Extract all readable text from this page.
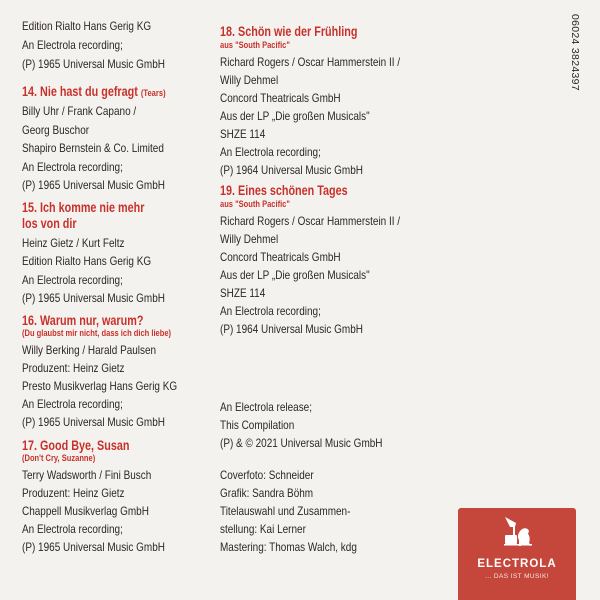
Edition Rialto Hans Gerig KG
An Electrola recording;
(P) 1965 Universal Music GmbH
14. Nie hast du gefragt (Tears)
Billy Uhr / Frank Capano /
Georg Buschor
Shapiro Bernstein & Co. Limited
An Electrola recording;
(P) 1965 Universal Music GmbH
15. Ich komme nie mehr
los von dir
Heinz Gietz / Kurt Feltz
Edition Rialto Hans Gerig KG
An Electrola recording;
(P) 1965 Universal Music GmbH
16. Warum nur, warum?
(Du glaubst mir nicht, dass ich dich liebe)
Willy Berking / Harald Paulsen
Produzent: Heinz Gietz
Presto Musikverlag Hans Gerig KG
An Electrola recording;
(P) 1965 Universal Music GmbH
17. Good Bye, Susan
(Don't Cry, Suzanne)
Terry Wadsworth / Fini Busch
Produzent: Heinz Gietz
Chappell Musikverlag GmbH
An Electrola recording;
(P) 1965 Universal Music GmbH
18. Schön wie der Frühling
aus "South Pacific"
Richard Rogers / Oscar Hammerstein II /
Willy Dehmel
Concord Theatricals GmbH
Aus der LP „Die großen Musicals"
SHZE 114
An Electrola recording;
(P) 1964 Universal Music GmbH
19. Eines schönen Tages
aus "South Pacific"
Richard Rogers / Oscar Hammerstein II /
Willy Dehmel
Concord Theatricals GmbH
Aus der LP „Die großen Musicals"
SHZE 114
An Electrola recording;
(P) 1964 Universal Music GmbH
An Electrola release;
This Compilation
(P) & © 2021 Universal Music GmbH
Coverfoto: Schneider
Grafik: Sandra Böhm
Titelauswahl und Zusammen-
stellung: Kai Lerner
Mastering: Thomas Walch, kdg
06024 3824397
ELECTROLA
... DAS IST MUSIK!
